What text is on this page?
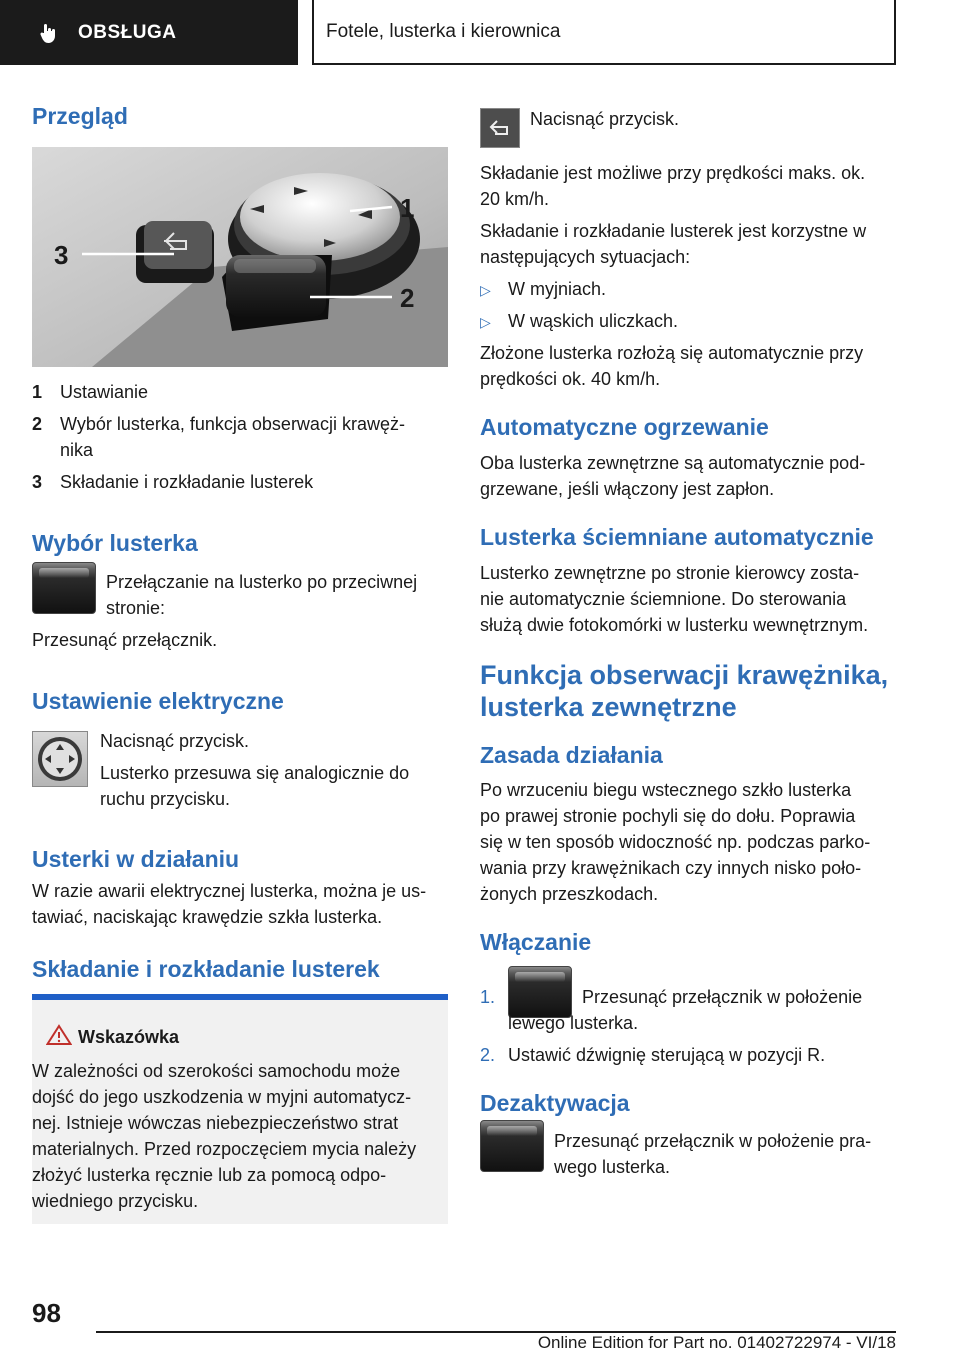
OBSŁUGA	Fotele, lusterka i kierownica
Przegląd
3
1
2
1 Ustawianie
2 Wybór lusterka, funkcja obserwacji krawęż-
nika
3 Składanie i rozkładanie lusterek
Wybór lusterka
Przełączanie na lusterko po przeciwnej
stronie:
Przesunąć przełącznik.
Ustawienie elektryczne
Nacisnąć przycisk.
Lusterko przesuwa się analogicznie do
ruchu przycisku.
Usterki w działaniu
W razie awarii elektrycznej lusterka, można je us-
tawiać, naciskając krawędzie szkła lusterka.
Składanie i rozkładanie lusterek
Wskazówka
W zależności od szerokości samochodu może
dojść do jego uszkodzenia w myjni automatycz-
nej. Istnieje wówczas niebezpieczeństwo strat
materialnych. Przed rozpoczęciem mycia należy
złożyć lusterka ręcznie lub za pomocą odpo-
wiedniego przycisku.
Nacisnąć przycisk.
Składanie jest możliwe przy prędkości maks. ok.
20 km/h.
Składanie i rozkładanie lusterek jest korzystne w
następujących sytuacjach:
▷ W myjniach.
▷ W wąskich uliczkach.
Złożone lusterka rozłożą się automatycznie przy
prędkości ok. 40 km/h.
Automatyczne ogrzewanie
Oba lusterka zewnętrzne są automatycznie pod-
grzewane, jeśli włączony jest zapłon.
Lusterka ściemniane automatycznie
Lusterko zewnętrzne po stronie kierowcy zosta-
nie automatycznie ściemnione. Do sterowania
służą dwie fotokomórki w lusterku wewnętrznym.
Funkcja obserwacji krawężnika,
lusterka zewnętrzne
Zasada działania
Po wrzuceniu biegu wstecznego szkło lusterka
po prawej stronie pochyli się do dołu. Poprawia
się w ten sposób widoczność np. podczas parko-
wania przy krawężnikach czy innych nisko poło-
żonych przeszkodach.
Włączanie
1.	Przesunąć przełącznik w położenie
lewego lusterka.
2. Ustawić dźwignię sterującą w pozycji R.
Dezaktywacja
Przesunąć przełącznik w położenie pra-
wego lusterka.
98
Online Edition for Part no. 01402722974 - VI/18
